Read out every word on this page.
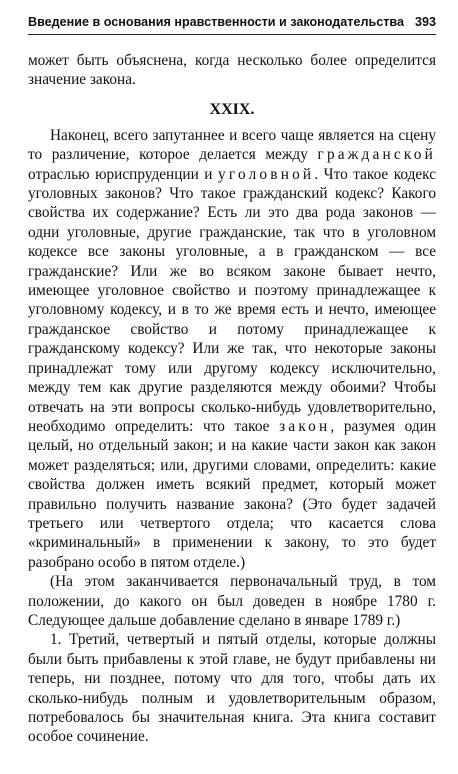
Введение в основания нравственности и законодательства 393

может быть объяснена, когда несколько более определится значение закона.

XXIX.

Наконец, всего запутаннее и всего чаще является на сцену то различение, которое делается между гражданской отраслью юриспруденции и уголовной. Что такое кодекс уголовных законов? Что такое гражданский кодекс? Какого свойства их содержание? Есть ли это два рода законов — одни уголовные, другие гражданские, так что в уголовном кодексе все законы уголовные, а в гражданском — все гражданские? Или же во всяком законе бывает нечто, имеющее уголовное свойство и поэтому принадлежащее к уголовному кодексу, и в то же время есть и нечто, имеющее гражданское свойство и потому принадлежащее к гражданскому кодексу? Или же так, что некоторые законы принадлежат тому или другому кодексу исключительно, между тем как другие разделяются между обоими? Чтобы отвечать на эти вопросы сколько-нибудь удовлетворительно, необходимо определить: что такое закон, разумея один целый, но отдельный закон; и на какие части закон как закон может разделяться; или, другими словами, определить: какие свойства должен иметь всякий предмет, который может правильно получить название закона? (Это будет задачей третьего или четвертого отдела; что касается слова «криминальный» в применении к закону, то это будет разобрано особо в пятом отделе.)

(На этом заканчивается первоначальный труд, в том положении, до какого он был доведен в ноябре 1780 г. Следующее дальше добавление сделано в январе 1789 г.)

1. Третий, четвертый и пятый отделы, которые должны были быть прибавлены к этой главе, не будут прибавлены ни теперь, ни позднее, потому что для того, чтобы дать их сколько-нибудь полным и удовлетворительным образом, потребовалось бы значительная книга. Эта книга составит особое сочинение.
